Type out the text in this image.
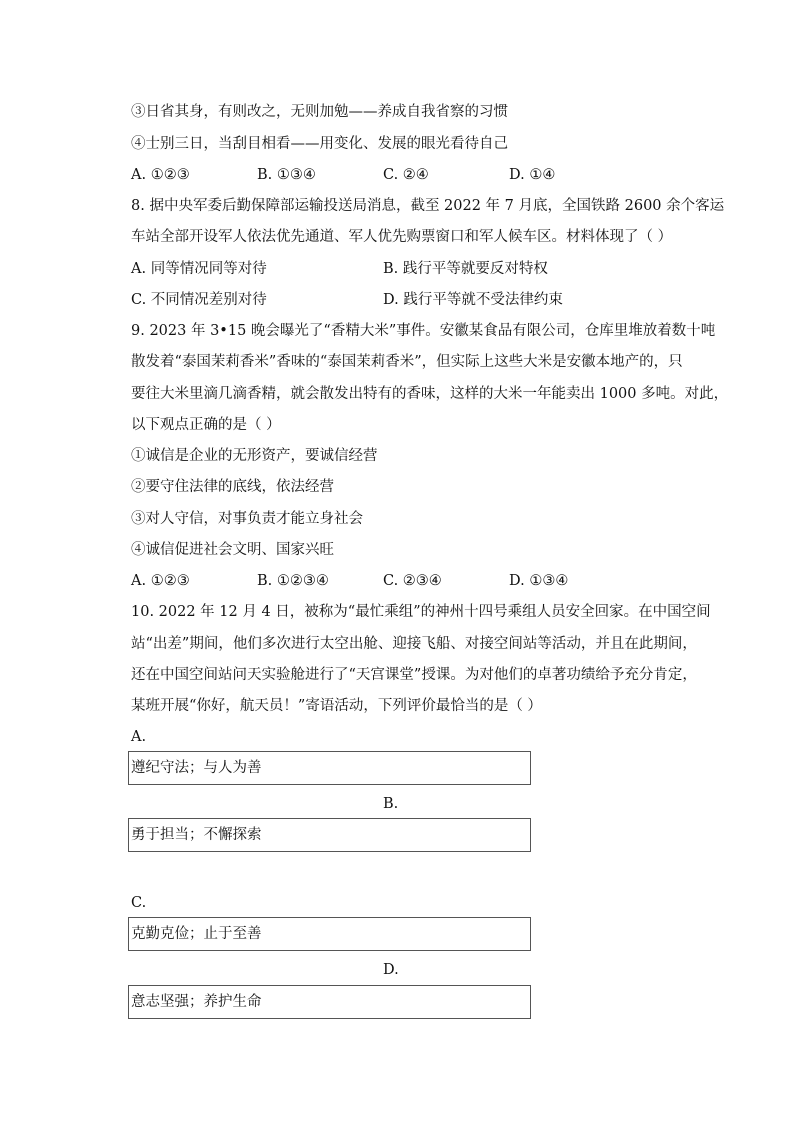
③日省其身，有则改之，无则加勉——养成自我省察的习惯
④士别三日，当刮目相看——用变化、发展的眼光看待自己
A. ①②③	B. ①③④	C. ②④	D. ①④
8. 据中央军委后勤保障部运输投送局消息，截至 2022 年 7 月底，全国铁路 2600 余个客运
车站全部开设军人依法优先通道、军人优先购票窗口和军人候车区。材料体现了（ ）
A. 同等情况同等对待	B. 践行平等就要反对特权
C. 不同情况差别对待	D. 践行平等就不受法律约束
9. 2023 年 3•15 晚会曝光了“香精大米”事件。安徽某食品有限公司，仓库里堆放着数十吨
散发着“泰国茉莉香米”香味的“泰国茉莉香米”，但实际上这些大米是安徽本地产的，只
要往大米里滴几滴香精，就会散发出特有的香味，这样的大米一年能卖出 1000 多吨。对此，
以下观点正确的是（ ）
①诚信是企业的无形资产，要诚信经营
②要守住法律的底线，依法经营
③对人守信，对事负责才能立身社会
④诚信促进社会文明、国家兴旺
A. ①②③	B. ①②③④	C. ②③④	D. ①③④
10. 2022 年 12 月 4 日，被称为“最忙乘组”的神州十四号乘组人员安全回家。在中国空间
站“出差”期间，他们多次进行太空出舱、迎接飞船、对接空间站等活动，并且在此期间，
还在中国空间站问天实验舱进行了“天宫课堂”授课。为对他们的卓著功绩给予充分肯定，
某班开展“你好，航天员！”寄语活动，下列评价最恰当的是（ ）
A.
遵纪守法；与人为善
B.
勇于担当；不懈探索
C.
克勤克俭；止于至善
D.
意志坚强；养护生命
